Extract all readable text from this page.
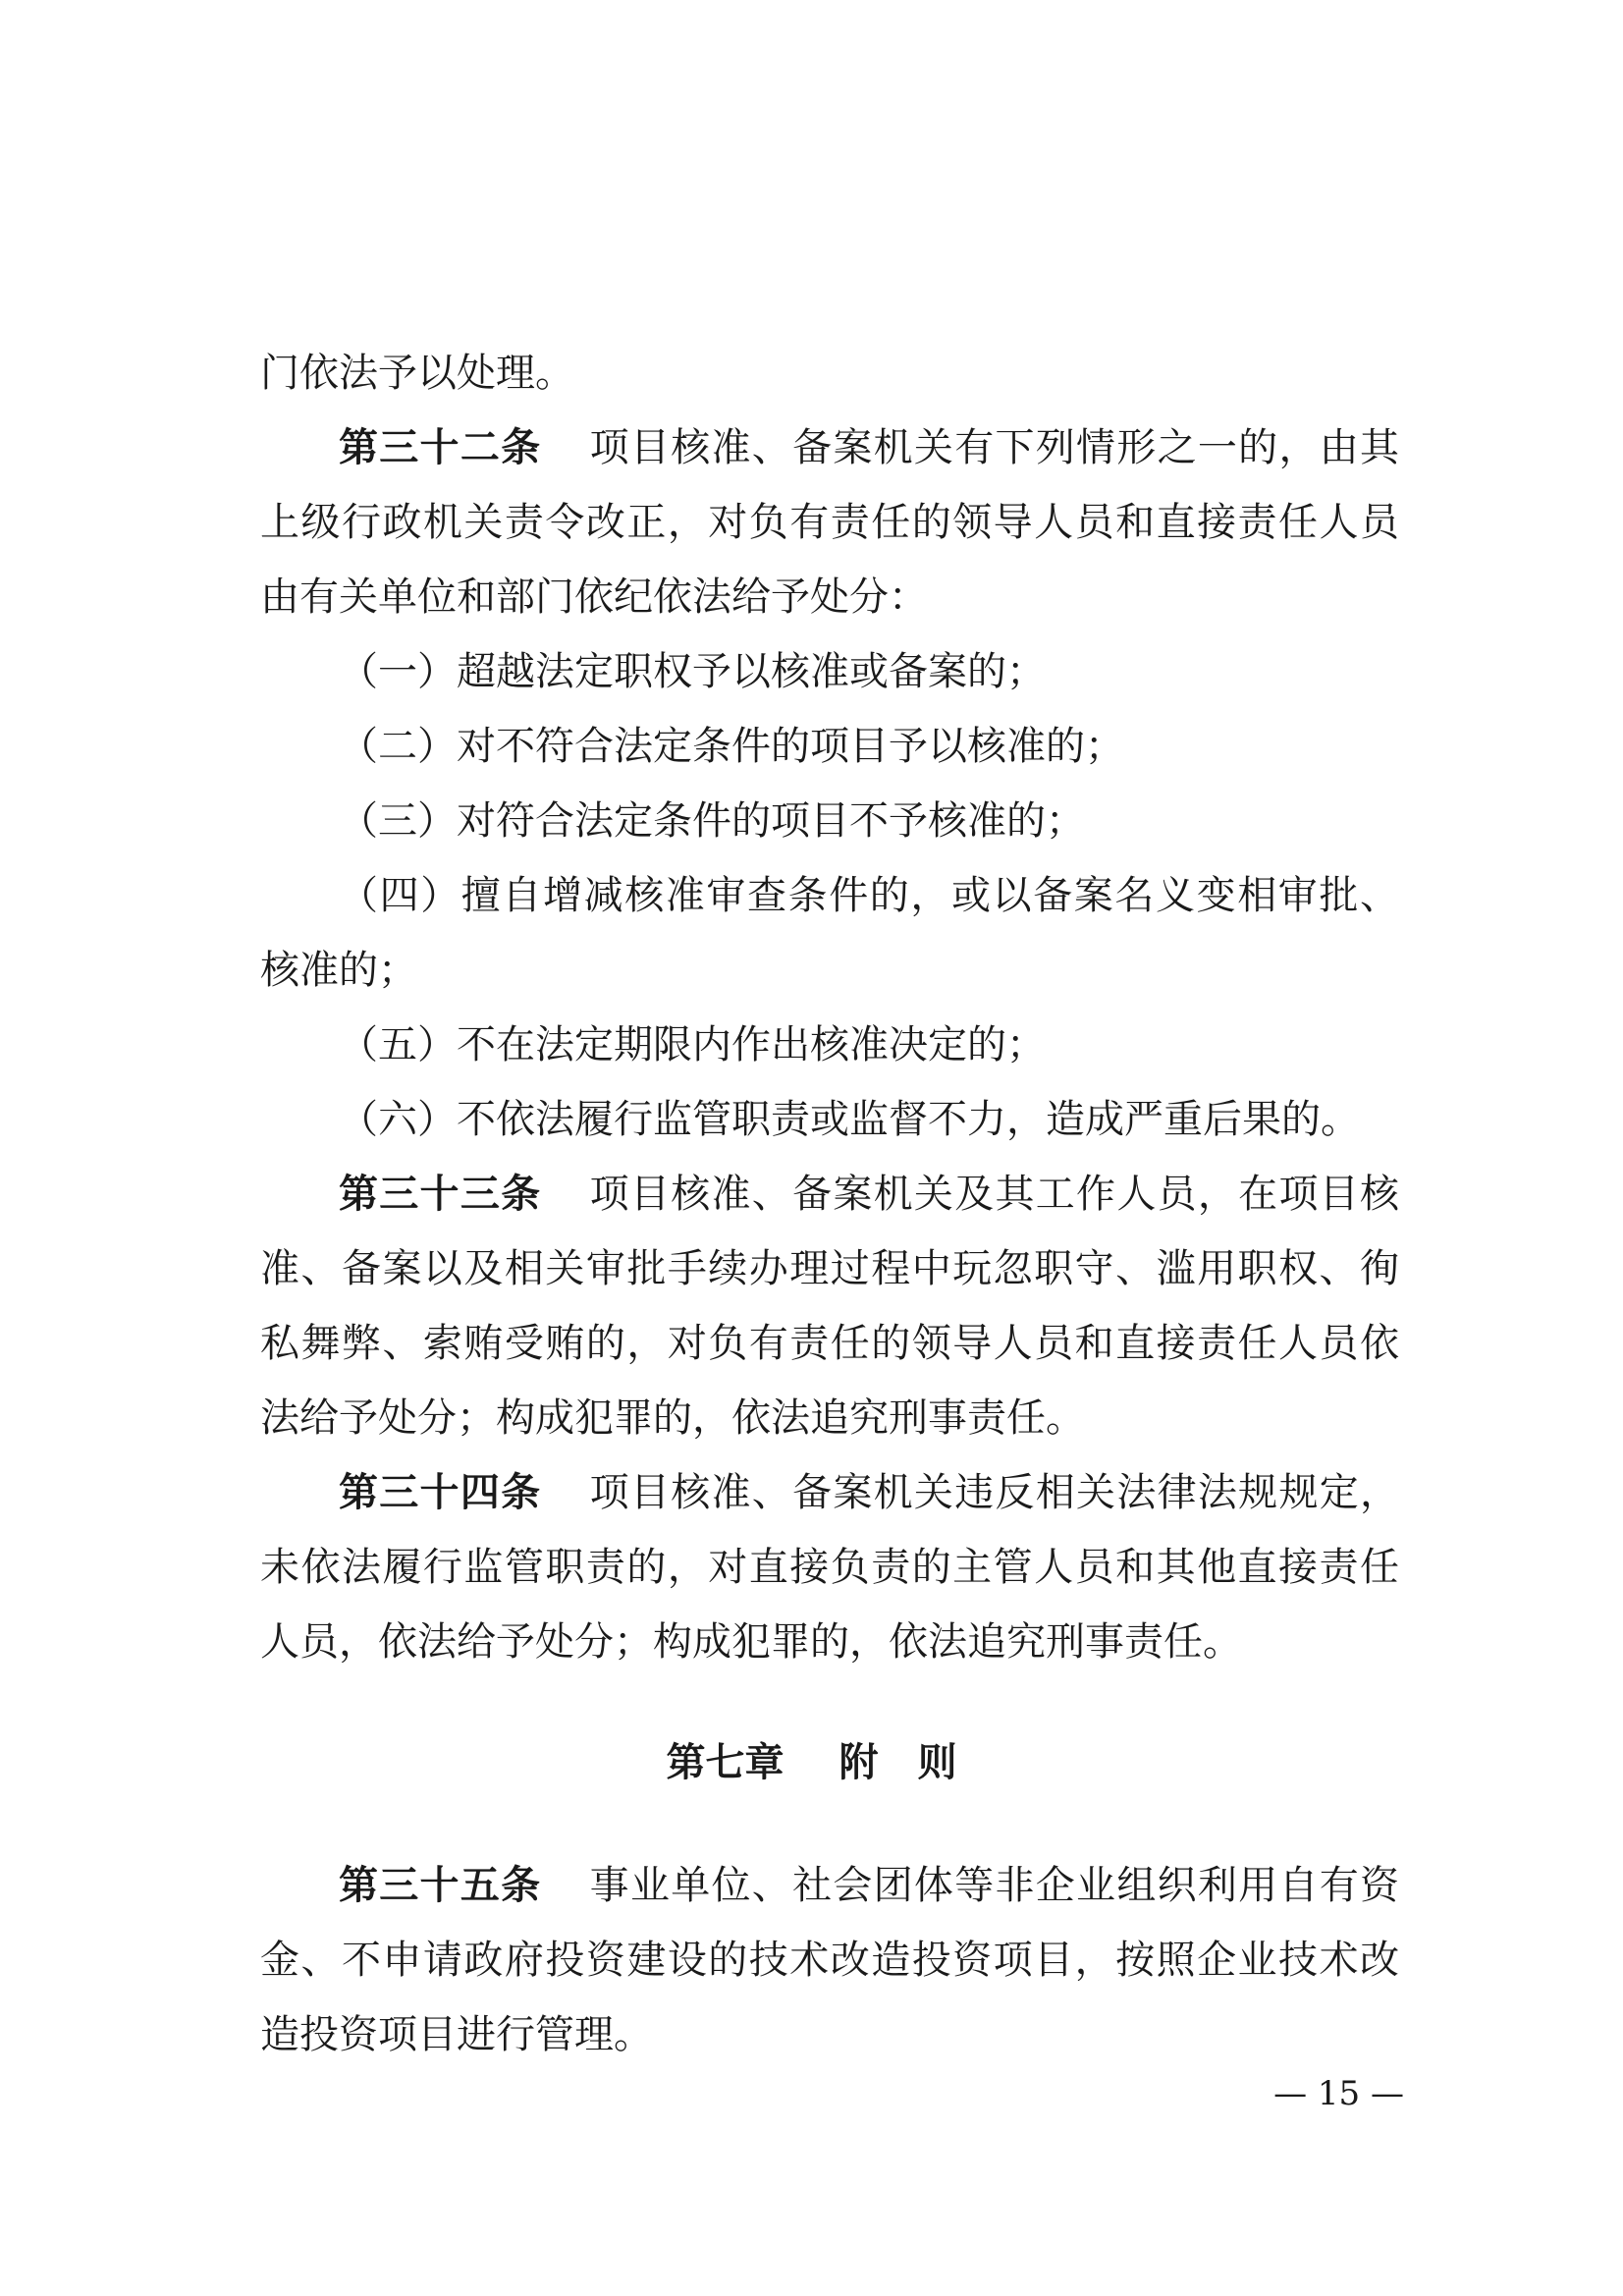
门依法予以处理。
第三十二条 项目核准、备案机关有下列情形之一的，由其
上级行政机关责令改正，对负有责任的领导人员和直接责任人员
由有关单位和部门依纪依法给予处分：
（一）超越法定职权予以核准或备案的；
（二）对不符合法定条件的项目予以核准的；
（三）对符合法定条件的项目不予核准的；
（四）擅自增减核准审查条件的，或以备案名义变相审批、
核准的；
（五）不在法定期限内作出核准决定的；
（六）不依法履行监管职责或监督不力，造成严重后果的。
第三十三条 项目核准、备案机关及其工作人员，在项目核
准、备案以及相关审批手续办理过程中玩忽职守、滥用职权、徇
私舞弊、索贿受贿的，对负有责任的领导人员和直接责任人员依
法给予处分；构成犯罪的，依法追究刑事责任。
第三十四条 项目核准、备案机关违反相关法律法规规定，
未依法履行监管职责的，对直接负责的主管人员和其他直接责任
人员，依法给予处分；构成犯罪的，依法追究刑事责任。
第七章 附 则
第三十五条 事业单位、社会团体等非企业组织利用自有资
金、不申请政府投资建设的技术改造投资项目，按照企业技术改
造投资项目进行管理。
— 15 —
